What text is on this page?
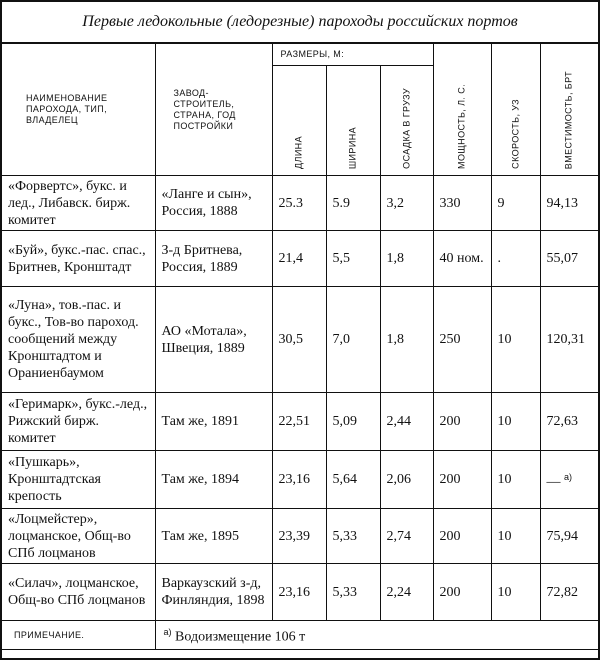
Первые ледокольные (ледорезные) пароходы российских портов
НАИМЕНОВАНИЕ ПАРОХОДА, ТИП, ВЛАДЕЛЕЦ	ЗАВОД-СТРОИТЕЛЬ, СТРАНА, ГОД ПОСТРОЙКИ	РАЗМЕРЫ, М:			МОЩНОСТЬ, Л. С.	СКОРОСТЬ, УЗ	ВМЕСТИМОСТЬ, БРТ

		ДЛИНА	ШИРИНА	ОСАДКА В ГРУЗУ			

«Форвертс», букс. и лед., Либавск. бирж. комитет	«Ланге и сын», Россия, 1888	25.3	5.9	3,2	330	9	94,13
«Буй», букс.-пас. спас., Бритнев, Кронштадт	З-д Бритнева, Россия, 1889	21,4	5,5	1,8	40 ном.	.	55,07
«Луна», тов.-пас. и букс., Тов-во пароход. сообщений между Кронштадтом и Ораниенбаумом	АО «Мотала», Швеция, 1889	30,5	7,0	1,8	250	10	120,31
«Геримарк», букс.-лед., Рижский бирж. комитет	Там же, 1891	22,51	5,09	2,44	200	10	72,63
«Пушкарь», Кронштадтская крепость	Там же, 1894	23,16	5,64	2,06	200	10	— $^{а)}$
«Лоцмейстер», лоцманское, Общ-во СПб лоцманов	Там же, 1895	23,39	5,33	2,74	200	10	75,94
«Силач», лоцманское, Общ-во СПб лоцманов	Варкаузский з-д, Финляндия, 1898	23,16	5,33	2,24	200	10	72,82
ПРИМЕЧАНИЕ.	$^{а)}$ Водоизмещение 106 т						
